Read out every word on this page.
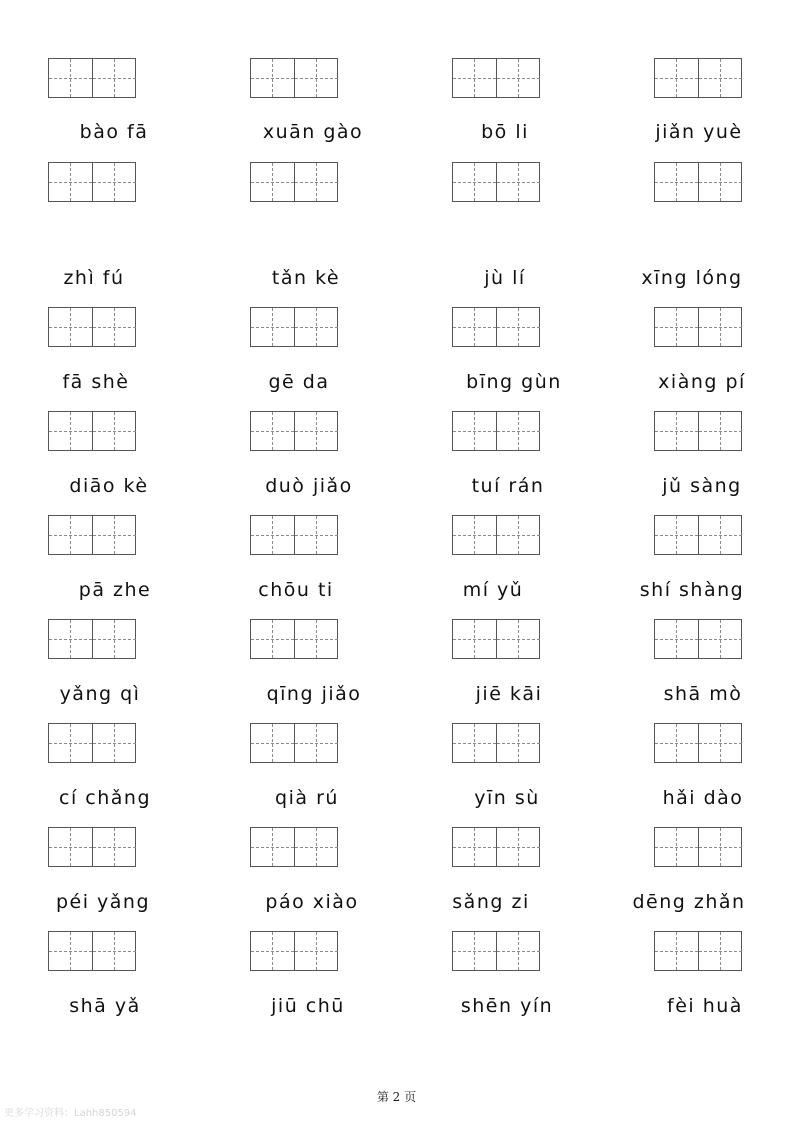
bào fā	xuān gào	bō li	jiǎn yuè
zhì fú	tǎn kè	jù lí	xīng lóng
fā shè	gē da	bīng gùn	xiàng pí
diāo kè	duò jiǎo	tuí rán	jǔ sàng
pā zhe	chōu ti	mí yǔ	shí shàng
yǎng qì	qīng jiǎo	jiē kāi	shā mò
cí chǎng	qià rú	yīn sù	hǎi dào
péi yǎng	páo xiào	sǎng zi	dēng zhǎn
shā yǎ	jiū chū	shēn yín	fèi huà
第 2 页
更多学习资料：Lahh850594
